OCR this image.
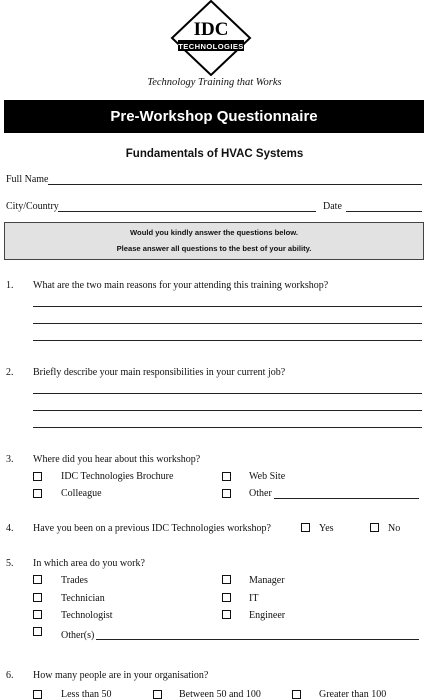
IDC
TECHNOLOGIES
Technology Training that Works
Pre-Workshop Questionnaire
Fundamentals of HVAC Systems
Full Name
City/Country	Date
Would you kindly answer the questions below.
Please answer all questions to the best of your ability.
1. What are the two main reasons for your attending this training workshop?
2. Briefly describe your main responsibilities in your current job?
3. Where did you hear about this workshop?
IDC Technologies Brochure	Web Site
Colleague	Other
4. Have you been on a previous IDC Technologies workshop?	Yes	No
5. In which area do you work?
Trades	Manager
Technician	IT
Technologist	Engineer
Other(s)
6. How many people are in your organisation?
Less than 50	Between 50 and 100	Greater than 100
